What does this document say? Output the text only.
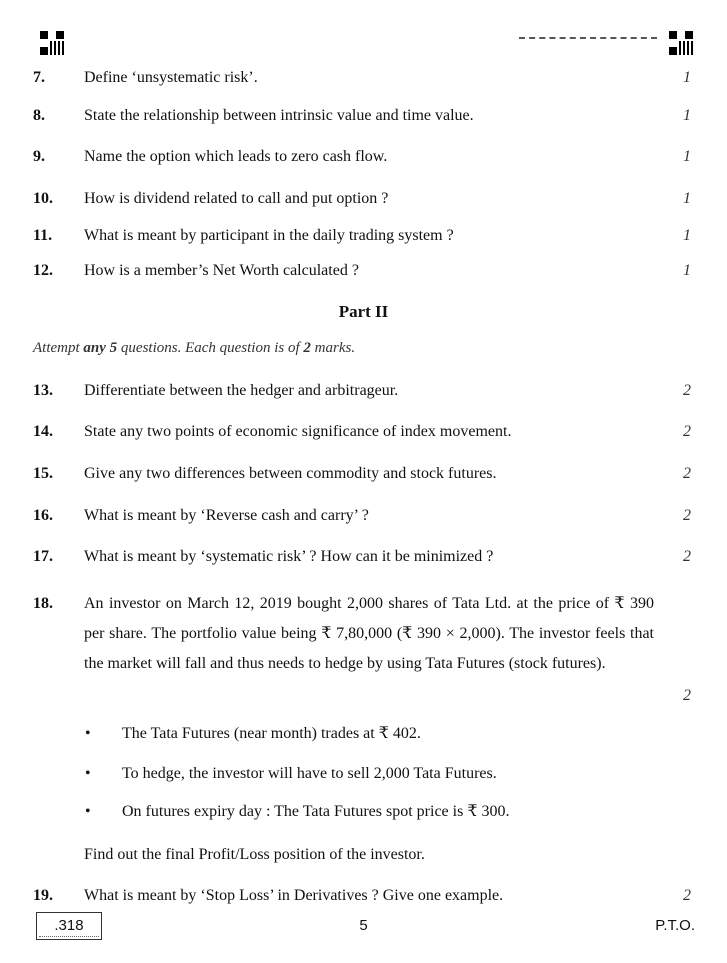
7. Define ‘unsystematic risk’.	1
8. State the relationship between intrinsic value and time value.	1
9. Name the option which leads to zero cash flow.	1
10. How is dividend related to call and put option ?	1
11. What is meant by participant in the daily trading system ?	1
12. How is a member’s Net Worth calculated ?	1
Part II
Attempt any 5 questions. Each question is of 2 marks.
13. Differentiate between the hedger and arbitrageur.	2
14. State any two points of economic significance of index movement.	2
15. Give any two differences between commodity and stock futures.	2
16. What is meant by ‘Reverse cash and carry’ ?	2
17. What is meant by ‘systematic risk’ ? How can it be minimized ?	2
18. An investor on March 12, 2019 bought 2,000 shares of Tata Ltd. at the price of ₹ 390 per share. The portfolio value being ₹ 7,80,000 (₹ 390 × 2,000). The investor feels that the market will fall and thus needs to hedge by using Tata Futures (stock futures).
2
• The Tata Futures (near month) trades at ₹ 402.
• To hedge, the investor will have to sell 2,000 Tata Futures.
• On futures expiry day : The Tata Futures spot price is ₹ 300.
Find out the final Profit/Loss position of the investor.
19. What is meant by ‘Stop Loss’ in Derivatives ? Give one example.	2
.318	5	P.T.O.
